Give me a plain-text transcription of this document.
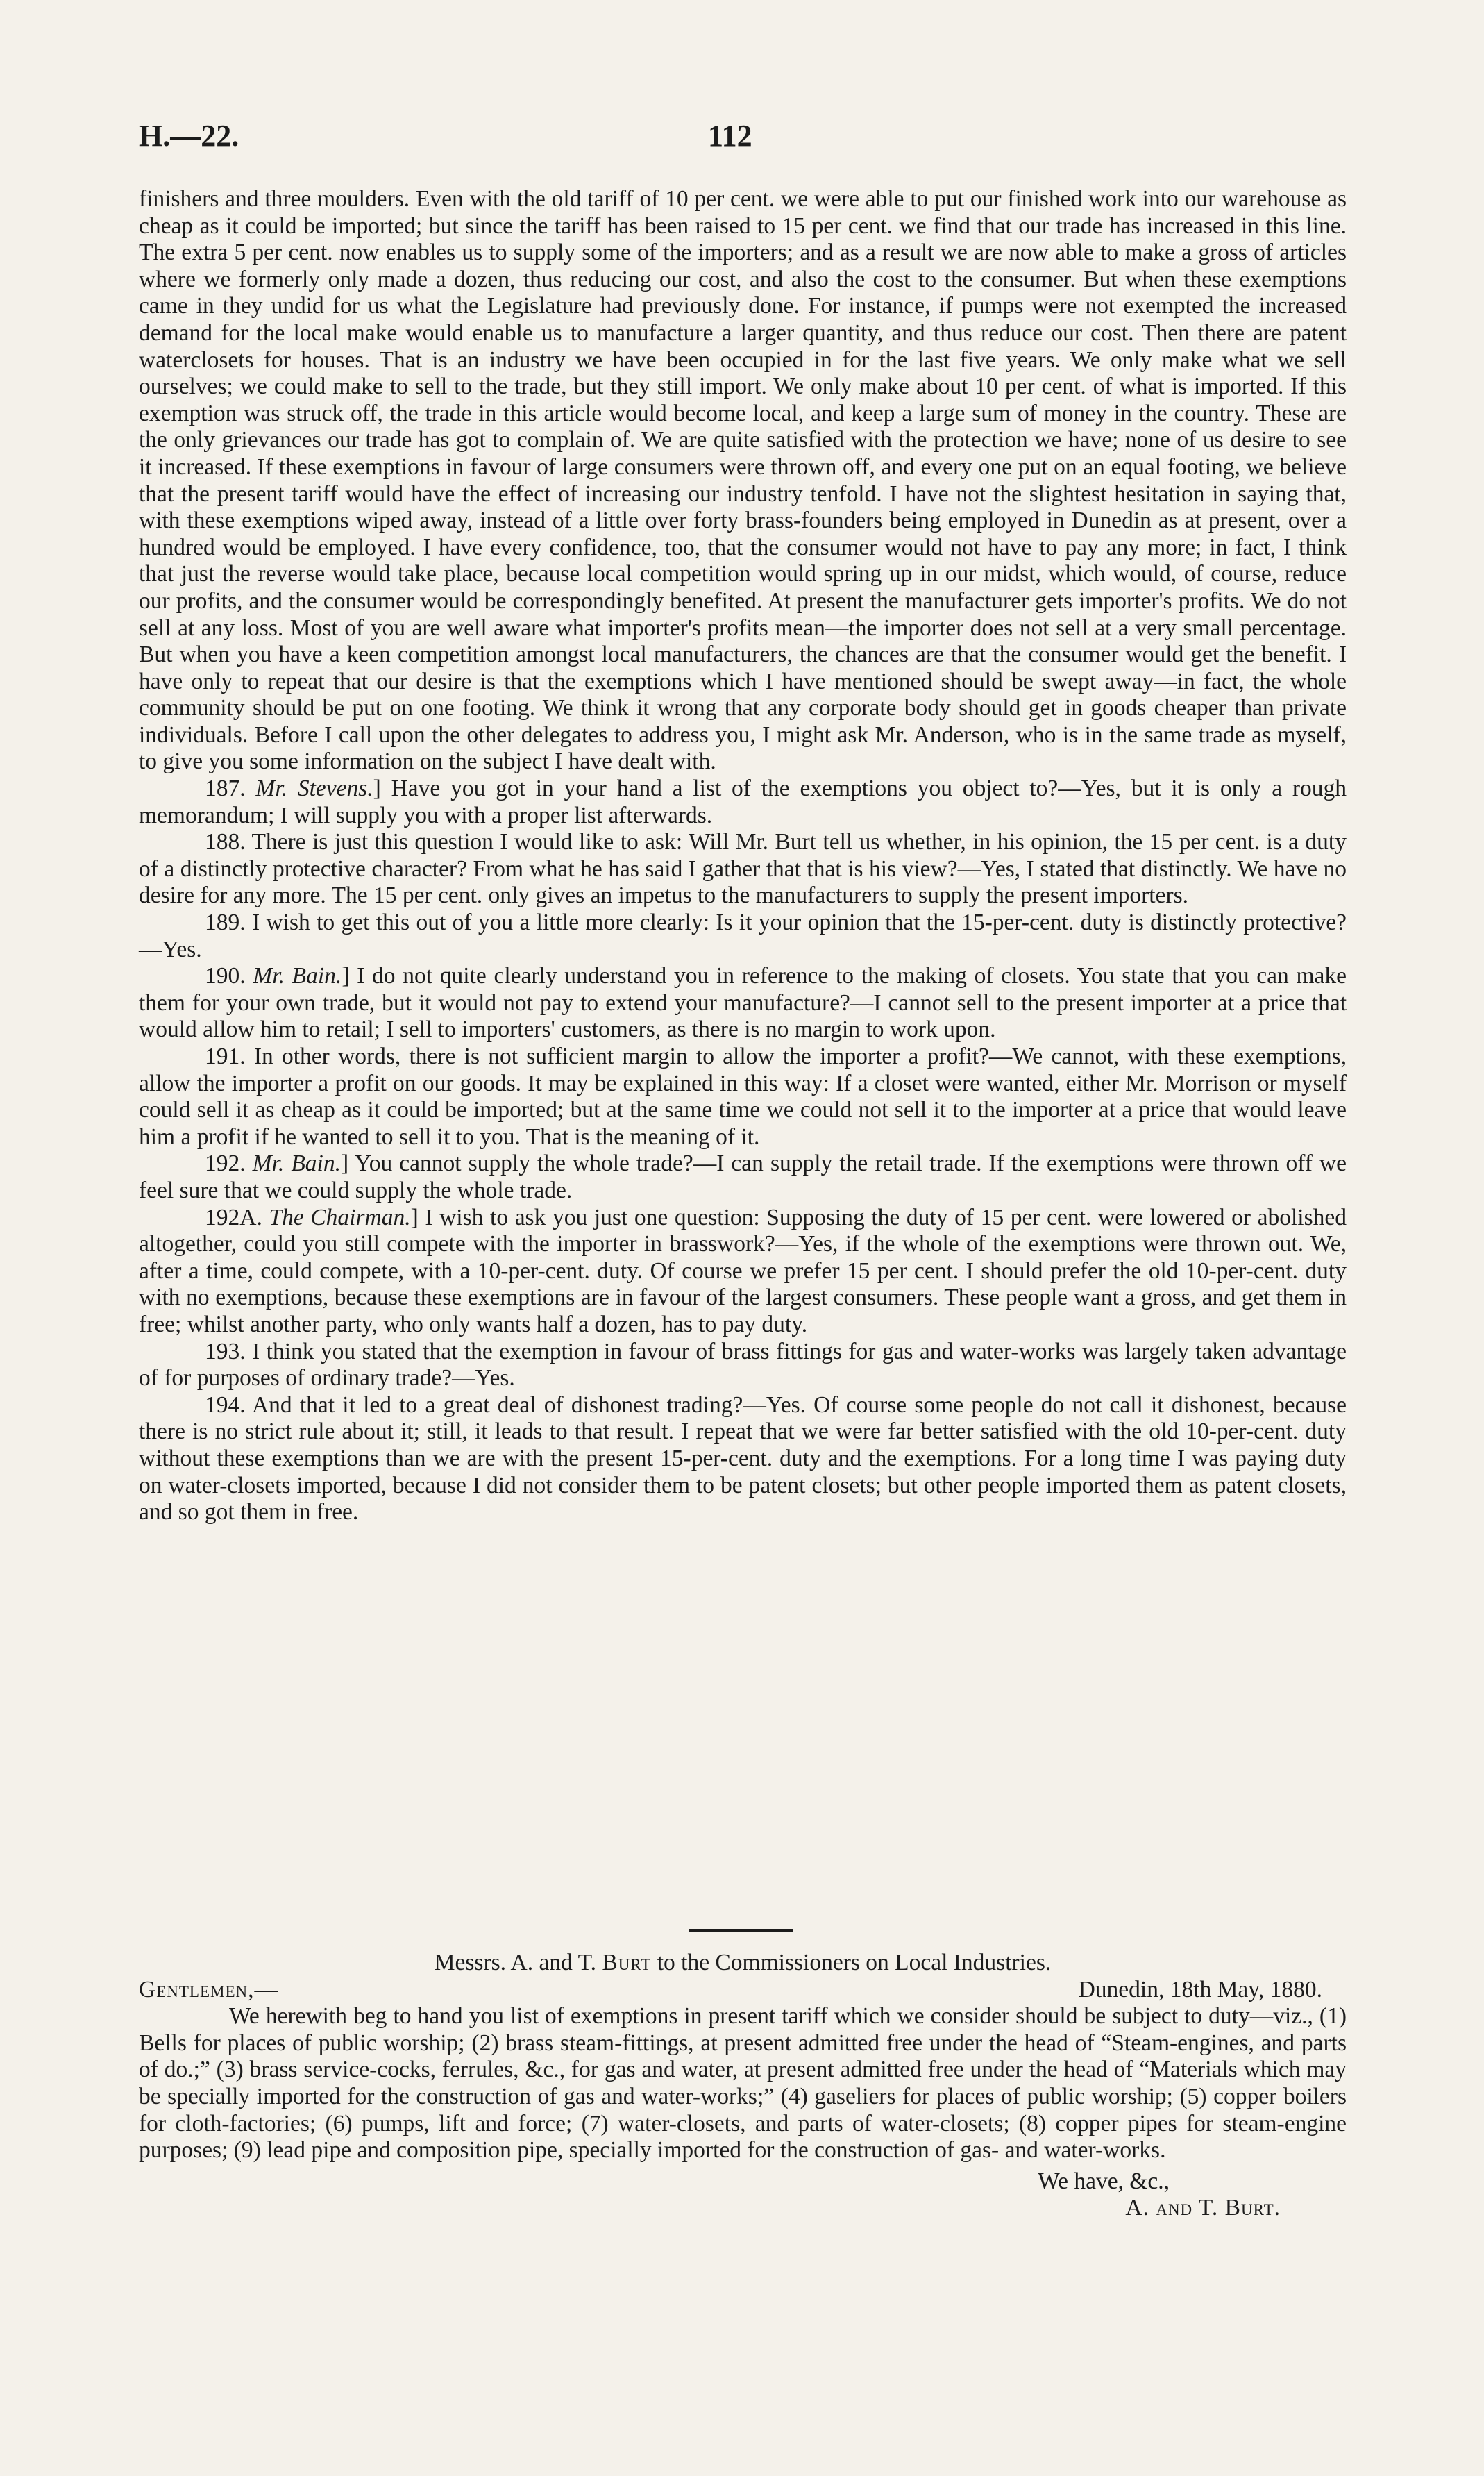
H.—22.	112

finishers and three moulders. Even with the old tariff of 10 per cent. we were able to put our finished work into our warehouse as cheap as it could be imported; but since the tariff has been raised to 15 per cent. we find that our trade has increased in this line. The extra 5 per cent. now enables us to supply some of the importers; and as a result we are now able to make a gross of articles where we formerly only made a dozen, thus reducing our cost, and also the cost to the consumer. But when these exemptions came in they undid for us what the Legislature had previously done. For instance, if pumps were not exempted the increased demand for the local make would enable us to manufacture a larger quantity, and thus reduce our cost. Then there are patent waterclosets for houses. That is an industry we have been occupied in for the last five years. We only make what we sell ourselves; we could make to sell to the trade, but they still import. We only make about 10 per cent. of what is imported. If this exemption was struck off, the trade in this article would become local, and keep a large sum of money in the country. These are the only grievances our trade has got to complain of. We are quite satisfied with the protection we have; none of us desire to see it increased. If these exemptions in favour of large consumers were thrown off, and every one put on an equal footing, we believe that the present tariff would have the effect of increasing our industry tenfold. I have not the slightest hesitation in saying that, with these exemptions wiped away, instead of a little over forty brass-founders being employed in Dunedin as at present, over a hundred would be employed. I have every confidence, too, that the consumer would not have to pay any more; in fact, I think that just the reverse would take place, because local competition would spring up in our midst, which would, of course, reduce our profits, and the consumer would be correspondingly benefited. At present the manufacturer gets importer's profits. We do not sell at any loss. Most of you are well aware what importer's profits mean—the importer does not sell at a very small percentage. But when you have a keen competition amongst local manufacturers, the chances are that the consumer would get the benefit. I have only to repeat that our desire is that the exemptions which I have mentioned should be swept away—in fact, the whole community should be put on one footing. We think it wrong that any corporate body should get in goods cheaper than private individuals. Before I call upon the other delegates to address you, I might ask Mr. Anderson, who is in the same trade as myself, to give you some information on the subject I have dealt with.

187. Mr. Stevens.] Have you got in your hand a list of the exemptions you object to?—Yes, but it is only a rough memorandum; I will supply you with a proper list afterwards.

188. There is just this question I would like to ask: Will Mr. Burt tell us whether, in his opinion, the 15 per cent. is a duty of a distinctly protective character? From what he has said I gather that that is his view?—Yes, I stated that distinctly. We have no desire for any more. The 15 per cent. only gives an impetus to the manufacturers to supply the present importers.

189. I wish to get this out of you a little more clearly: Is it your opinion that the 15-per-cent. duty is distinctly protective?—Yes.

190. Mr. Bain.] I do not quite clearly understand you in reference to the making of closets. You state that you can make them for your own trade, but it would not pay to extend your manufacture?—I cannot sell to the present importer at a price that would allow him to retail; I sell to importers' customers, as there is no margin to work upon.

191. In other words, there is not sufficient margin to allow the importer a profit?—We cannot, with these exemptions, allow the importer a profit on our goods. It may be explained in this way: If a closet were wanted, either Mr. Morrison or myself could sell it as cheap as it could be imported; but at the same time we could not sell it to the importer at a price that would leave him a profit if he wanted to sell it to you. That is the meaning of it.

192. Mr. Bain.] You cannot supply the whole trade?—I can supply the retail trade. If the exemptions were thrown off we feel sure that we could supply the whole trade.

192A. The Chairman.] I wish to ask you just one question: Supposing the duty of 15 per cent. were lowered or abolished altogether, could you still compete with the importer in brasswork?—Yes, if the whole of the exemptions were thrown out. We, after a time, could compete, with a 10-per-cent. duty. Of course we prefer 15 per cent. I should prefer the old 10-per-cent. duty with no exemptions, because these exemptions are in favour of the largest consumers. These people want a gross, and get them in free; whilst another party, who only wants half a dozen, has to pay duty.

193. I think you stated that the exemption in favour of brass fittings for gas and water-works was largely taken advantage of for purposes of ordinary trade?—Yes.

194. And that it led to a great deal of dishonest trading?—Yes. Of course some people do not call it dishonest, because there is no strict rule about it; still, it leads to that result. I repeat that we were far better satisfied with the old 10-per-cent. duty without these exemptions than we are with the present 15-per-cent. duty and the exemptions. For a long time I was paying duty on water-closets imported, because I did not consider them to be patent closets; but other people imported them as patent closets, and so got them in free.

Messrs. A. and T. Burt to the Commissioners on Local Industries.

Gentlemen,—	Dunedin, 18th May, 1880.

We herewith beg to hand you list of exemptions in present tariff which we consider should be subject to duty—viz., (1) Bells for places of public worship; (2) brass steam-fittings, at present admitted free under the head of “Steam-engines, and parts of do.;” (3) brass service-cocks, ferrules, &c., for gas and water, at present admitted free under the head of “Materials which may be specially imported for the construction of gas and water-works;” (4) gaseliers for places of public worship; (5) copper boilers for cloth-factories; (6) pumps, lift and force; (7) water-closets, and parts of water-closets; (8) copper pipes for steam-engine purposes; (9) lead pipe and composition pipe, specially imported for the construction of gas- and water-works.

We have, &c.,

A. and T. Burt.
